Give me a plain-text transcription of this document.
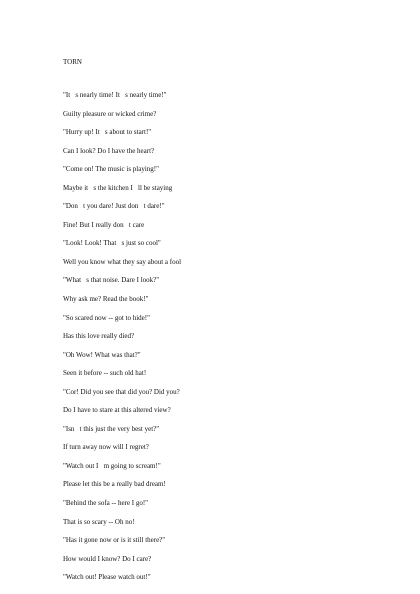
TORN
"It   s nearly time! It   s nearly time!"
Guilty pleasure or wicked crime?
"Hurry up! It   s about to start!"
Can I look? Do I have the heart?
"Come on! The music is playing!"
Maybe it   s the kitchen I   ll be staying
"Don   t you dare! Just don   t dare!"
Fine! But I really don   t care
"Look! Look! That   s just so cool"
Well you know what they say about a fool
"What   s that noise. Dare I look?"
Why ask me? Read the book!"
"So scared now -- got to hide!"
Has this love really died?
"Oh Wow! What was that?"
Seen it before -- such old hat!
"Cor! Did you see that did you? Did you?
Do I have to stare at this altered view?
"Isn   t this just the very best yet?"
If turn away now will I regret?
"Watch out I   m going to scream!"
Please let this be a really bad dream!
"Behind the sofa -- here I go!"
That is so scary -- Oh no!
"Has it gone now or is it still there?"
How would I know? Do I care?
"Watch out! Please watch out!"
